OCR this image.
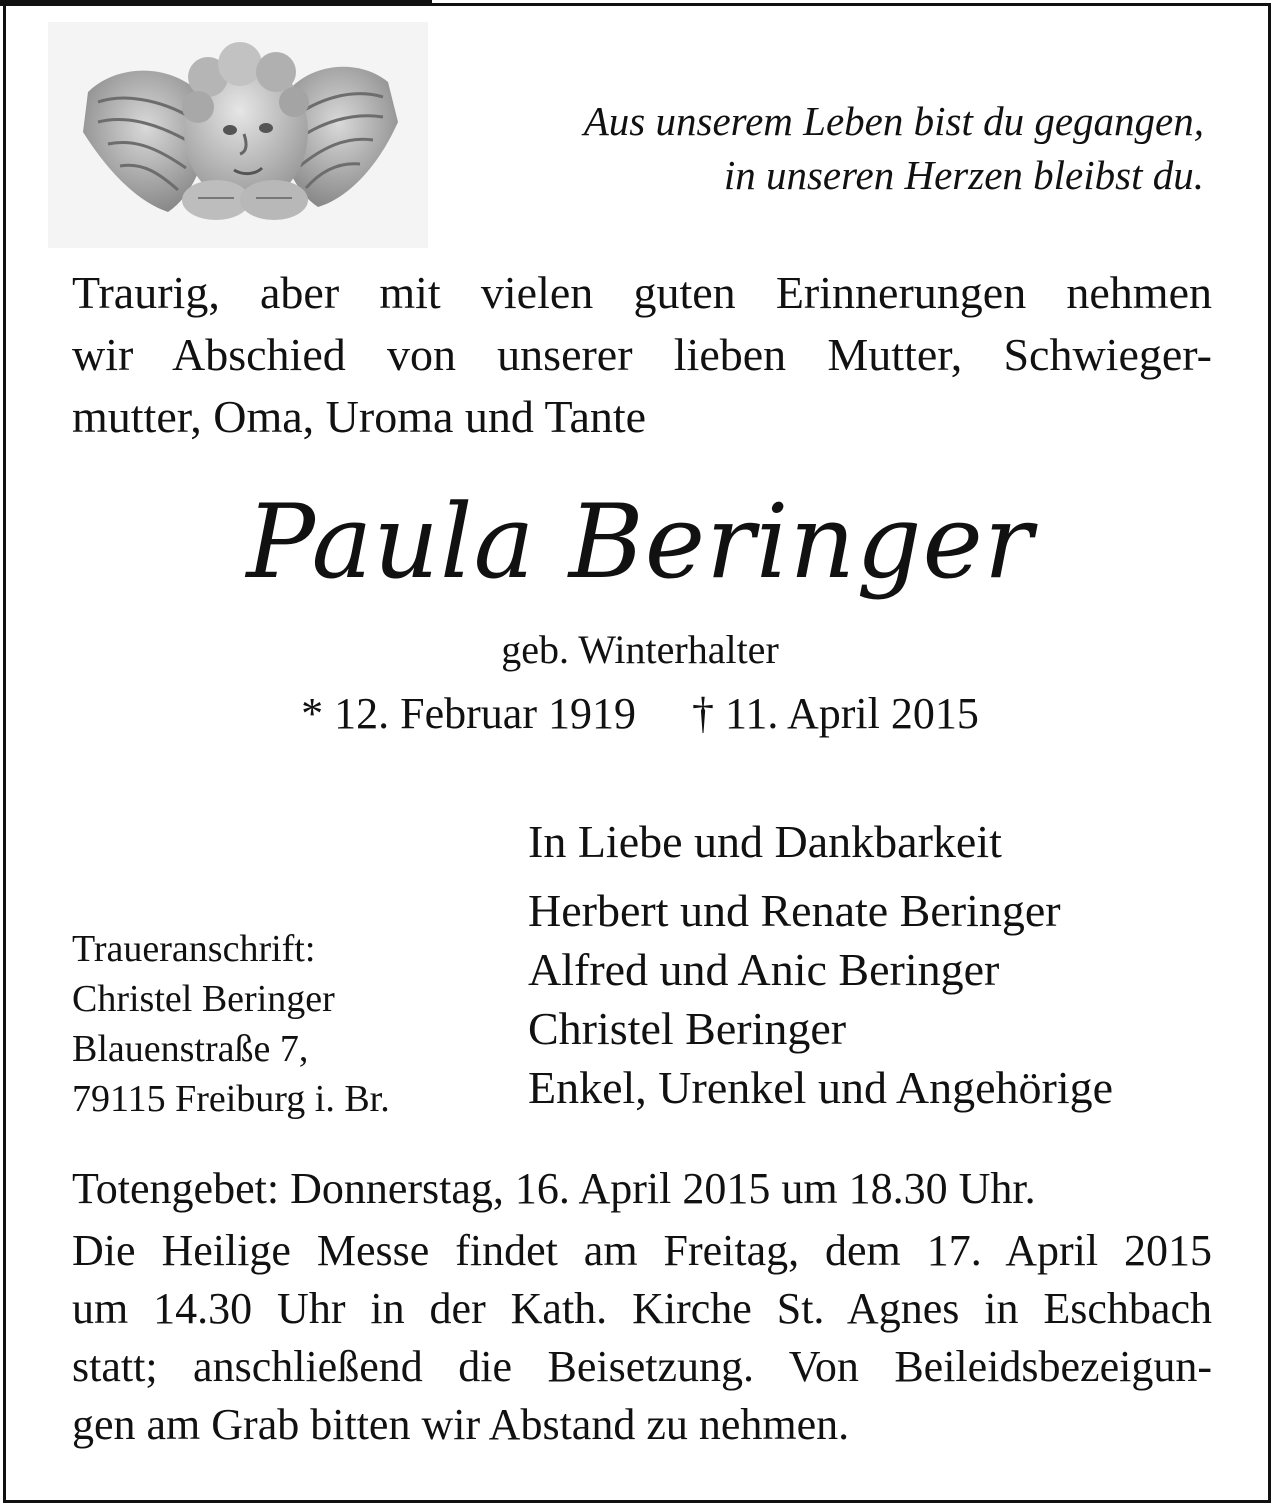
Aus unserem Leben bist du gegangen,
in unseren Herzen bleibst du.
Traurig, aber mit vielen guten Erinnerungen nehmen
wir Abschied von unserer lieben Mutter, Schwieger-
mutter, Oma, Uroma und Tante
Paula Beringer
geb. Winterhalter
* 12. Februar 1919 † 11. April 2015
In Liebe und Dankbarkeit
Herbert und Renate Beringer
Alfred und Anic Beringer
Christel Beringer
Enkel, Urenkel und Angehörige
Traueranschrift:
Christel Beringer
Blauenstraße 7,
79115 Freiburg i. Br.
Totengebet: Donnerstag, 16. April 2015 um 18.30 Uhr.
Die Heilige Messe findet am Freitag, dem 17. April 2015
um 14.30 Uhr in der Kath. Kirche St. Agnes in Eschbach
statt; anschließend die Beisetzung. Von Beileidsbezeigun-
gen am Grab bitten wir Abstand zu nehmen.
